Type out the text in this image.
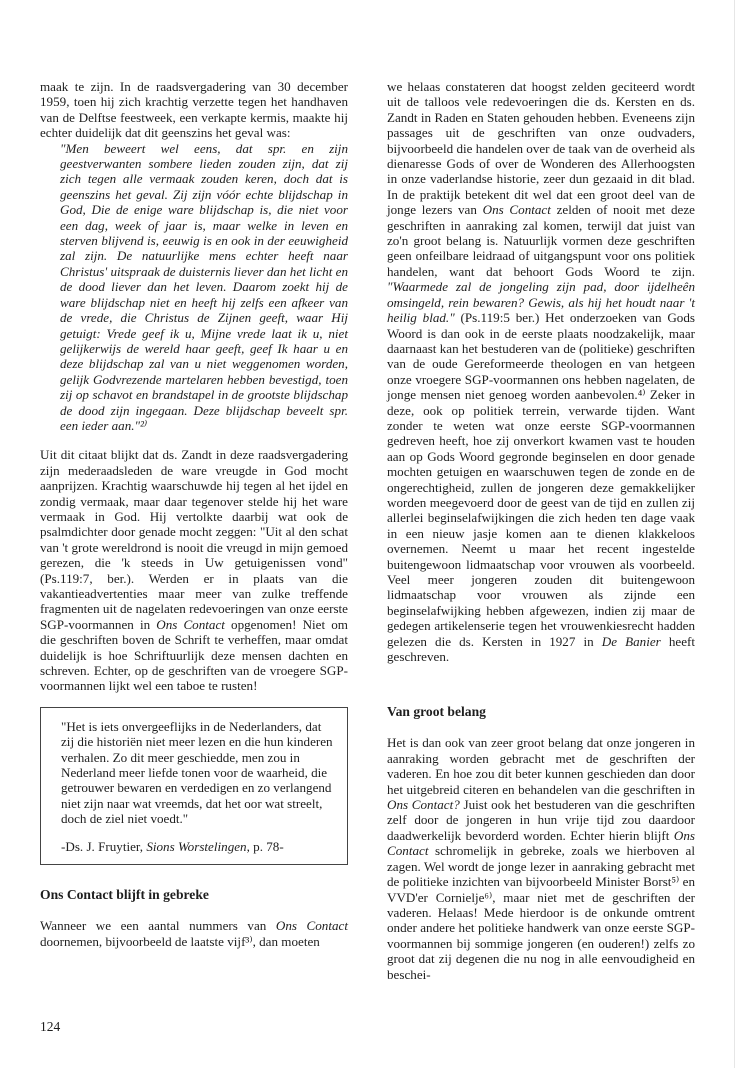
maak te zijn. In de raadsvergadering van 30 december 1959, toen hij zich krachtig verzette tegen het handhaven van de Delftse feestweek, een verkapte kermis, maakte hij echter duidelijk dat dit geenszins het geval was:

"Men beweert wel eens, dat spr. en zijn geestverwanten sombere lieden zouden zijn, dat zij zich tegen alle vermaak zouden keren, doch dat is geenszins het geval. Zij zijn vóór echte blijdschap in God, Die de enige ware blijdschap is, die niet voor een dag, week of jaar is, maar welke in leven en sterven blijvend is, eeuwig is en ook in der eeuwigheid zal zijn. De natuurlijke mens echter heeft naar Christus' uitspraak de duisternis liever dan het licht en de dood liever dan het leven. Daarom zoekt hij de ware blijdschap niet en heeft hij zelfs een afkeer van de vrede, die Christus de Zijnen geeft, waar Hij getuigt: Vrede geef ik u, Mijne vrede laat ik u, niet gelijkerwijs de wereld haar geeft, geef Ik haar u en deze blijdschap zal van u niet weggenomen worden, gelijk Godvrezende martelaren hebben bevestigd, toen zij op schavot en brandstapel in de grootste blijdschap de dood zijn ingegaan. Deze blijdschap beveelt spr. een ieder aan."²⁾

Uit dit citaat blijkt dat ds. Zandt in deze raadsvergadering zijn mederaadsleden de ware vreugde in God mocht aanprijzen. Krachtig waarschuwde hij tegen al het ijdel en zondig vermaak, maar daar tegenover stelde hij het ware vermaak in God. Hij vertolkte daarbij wat ook de psalmdichter door genade mocht zeggen: "Uit al den schat van 't grote wereldrond is nooit die vreugd in mijn gemoed gerezen, die 'k steeds in Uw getuigenissen vond" (Ps.119:7, ber.). Werden er in plaats van die vakantieadvertenties maar meer van zulke treffende fragmenten uit de nagelaten redevoeringen van onze eerste SGP-voormannen in Ons Contact opgenomen! Niet om die geschriften boven de Schrift te verheffen, maar omdat duidelijk is hoe Schriftuurlijk deze mensen dachten en schreven. Echter, op de geschriften van de vroegere SGP-voormannen lijkt wel een taboe te rusten!

"Het is iets onvergeeflijks in de Nederlanders, dat zij die historiën niet meer lezen en die hun kinderen verhalen. Zo dit meer geschiedde, men zou in Nederland meer liefde tonen voor de waarheid, die getrouwer bewaren en verdedigen en zo verlangend niet zijn naar wat vreemds, dat het oor wat streelt, doch de ziel niet voedt."

-Ds. J. Fruytier, Sions Worstelingen, p. 78-

Ons Contact blijft in gebreke

Wanneer we een aantal nummers van Ons Contact doornemen, bijvoorbeeld de laatste vijf³⁾, dan moeten

we helaas constateren dat hoogst zelden geciteerd wordt uit de talloos vele redevoeringen die ds. Kersten en ds. Zandt in Raden en Staten gehouden hebben. Eveneens zijn passages uit de geschriften van onze oudvaders, bijvoorbeeld die handelen over de taak van de overheid als dienaresse Gods of over de Wonderen des Allerhoogsten in onze vaderlandse historie, zeer dun gezaaid in dit blad. In de praktijk betekent dit wel dat een groot deel van de jonge lezers van Ons Contact zelden of nooit met deze geschriften in aanraking zal komen, terwijl dat juist van zo'n groot belang is. Natuurlijk vormen deze geschriften geen onfeilbare leidraad of uitgangspunt voor ons politiek handelen, want dat behoort Gods Woord te zijn. "Waarmede zal de jongeling zijn pad, door ijdelheên omsingeld, rein bewaren? Gewis, als hij het houdt naar 't heilig blad." (Ps.119:5 ber.) Het onderzoeken van Gods Woord is dan ook in de eerste plaats noodzakelijk, maar daarnaast kan het bestuderen van de (politieke) geschriften van de oude Gereformeerde theologen en van hetgeen onze vroegere SGP-voormannen ons hebben nagelaten, de jonge mensen niet genoeg worden aanbevolen.⁴⁾ Zeker in deze, ook op politiek terrein, verwarde tijden. Want zonder te weten wat onze eerste SGP-voormannen gedreven heeft, hoe zij onverkort kwamen vast te houden aan op Gods Woord gegronde beginselen en door genade mochten getuigen en waarschuwen tegen de zonde en de ongerechtigheid, zullen de jongeren deze gemakkelijker worden meegevoerd door de geest van de tijd en zullen zij allerlei beginselafwijkingen die zich heden ten dage vaak in een nieuw jasje komen aan te dienen klakkeloos overnemen. Neemt u maar het recent ingestelde buitengewoon lidmaatschap voor vrouwen als voorbeeld. Veel meer jongeren zouden dit buitengewoon lidmaatschap voor vrouwen als zijnde een beginselafwijking hebben afgewezen, indien zij maar de gedegen artikelenserie tegen het vrouwenkiesrecht hadden gelezen die ds. Kersten in 1927 in De Banier heeft geschreven.

Van groot belang

Het is dan ook van zeer groot belang dat onze jongeren in aanraking worden gebracht met de geschriften der vaderen. En hoe zou dit beter kunnen geschieden dan door het uitgebreid citeren en behandelen van die geschriften in Ons Contact? Juist ook het bestuderen van die geschriften zelf door de jongeren in hun vrije tijd zou daardoor daadwerkelijk bevorderd worden. Echter hierin blijft Ons Contact schromelijk in gebreke, zoals we hierboven al zagen. Wel wordt de jonge lezer in aanraking gebracht met de politieke inzichten van bijvoorbeeld Minister Borst⁵⁾ en VVD'er Cornielje⁶⁾, maar niet met de geschriften der vaderen. Helaas! Mede hierdoor is de onkunde omtrent onder andere het politieke handwerk van onze eerste SGP-voormannen bij sommige jongeren (en ouderen!) zelfs zo groot dat zij degenen die nu nog in alle eenvoudigheid en beschei-

124
